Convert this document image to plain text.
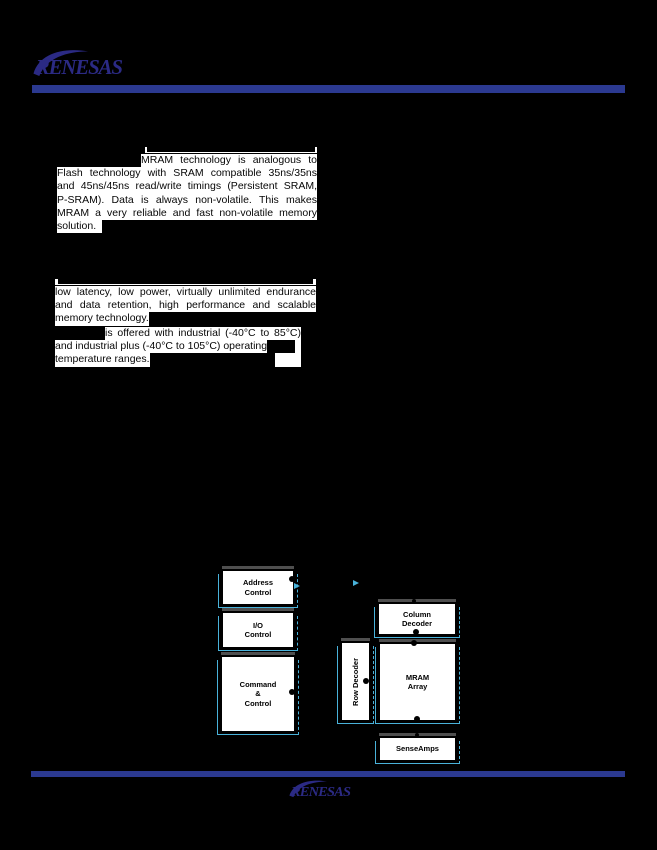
RENESAS
MRAM technology is analogous to
Flash technology with SRAM compatible 35ns/35ns
and 45ns/45ns read/write timings (Persistent SRAM,
P-SRAM). Data is always non-volatile. This makes
MRAM a very reliable and fast non-volatile memory
solution.
low latency, low power, virtually unlimited endurance
and data retention, high performance and scalable
memory technology.
is offered with industrial (-40°C to 85°C)
and industrial plus (-40°C to 105°C) operating
temperature ranges.
Address
Control
I/O
Control
Command
&
Control	Row Decoder
Column
Decoder
MRAM
Array
SenseAmps
RENESAS
